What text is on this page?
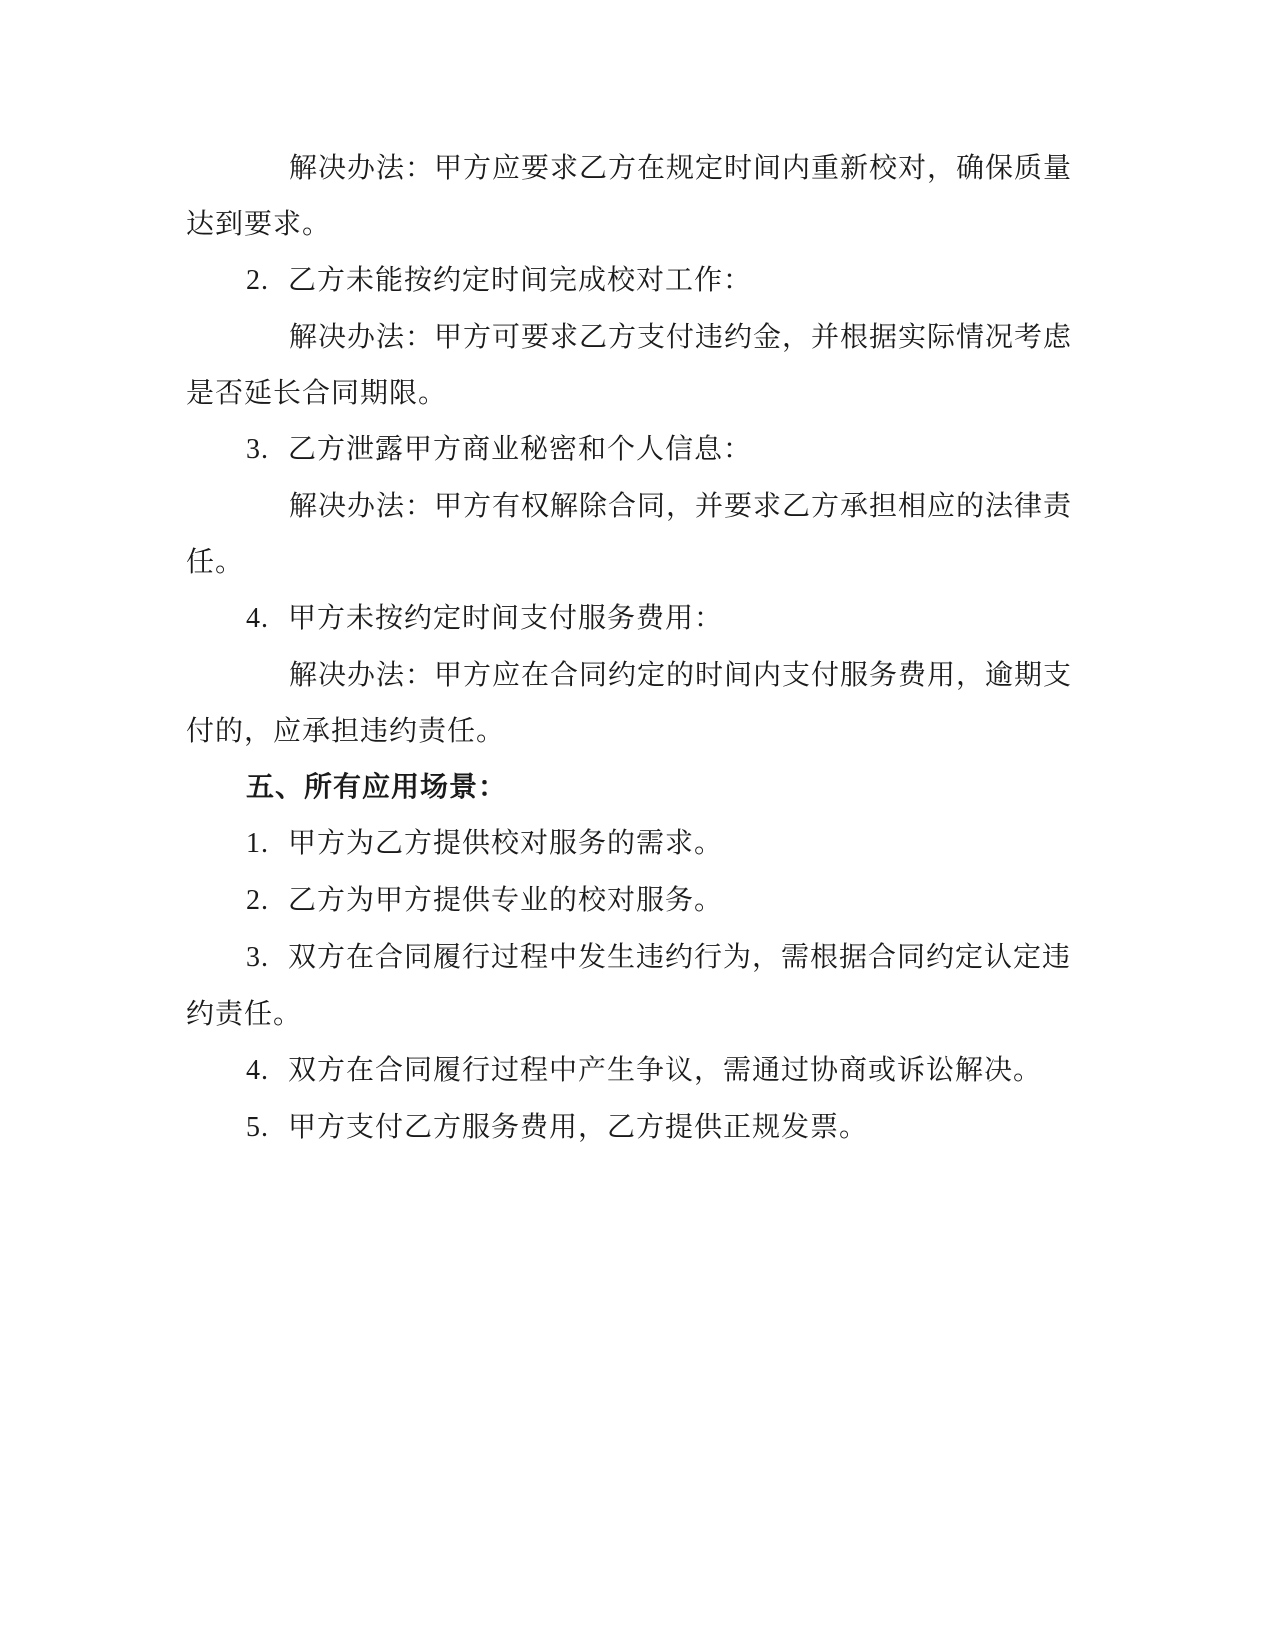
解决办法：甲方应要求乙方在规定时间内重新校对，确保质量达到要求。

2. 乙方未能按约定时间完成校对工作：

解决办法：甲方可要求乙方支付违约金，并根据实际情况考虑是否延长合同期限。

3. 乙方泄露甲方商业秘密和个人信息：

解决办法：甲方有权解除合同，并要求乙方承担相应的法律责任。

4. 甲方未按约定时间支付服务费用：

解决办法：甲方应在合同约定的时间内支付服务费用，逾期支付的，应承担违约责任。

五、所有应用场景：

1. 甲方为乙方提供校对服务的需求。

2. 乙方为甲方提供专业的校对服务。

3. 双方在合同履行过程中发生违约行为，需根据合同约定认定违约责任。

4. 双方在合同履行过程中产生争议，需通过协商或诉讼解决。

5. 甲方支付乙方服务费用，乙方提供正规发票。
